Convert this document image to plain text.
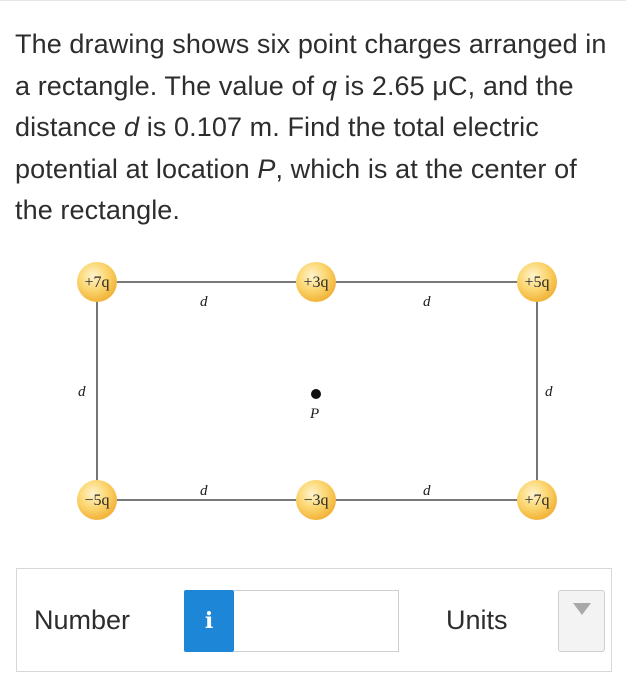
The drawing shows six point charges arranged in a rectangle. The value of q is 2.65 μC, and the distance d is 0.107 m. Find the total electric potential at location P, which is at the center of the rectangle.
d	d
d	d
d	d
P
+7q	+3q	+5q
−5q	−3q	+7q
Number	i	Units
